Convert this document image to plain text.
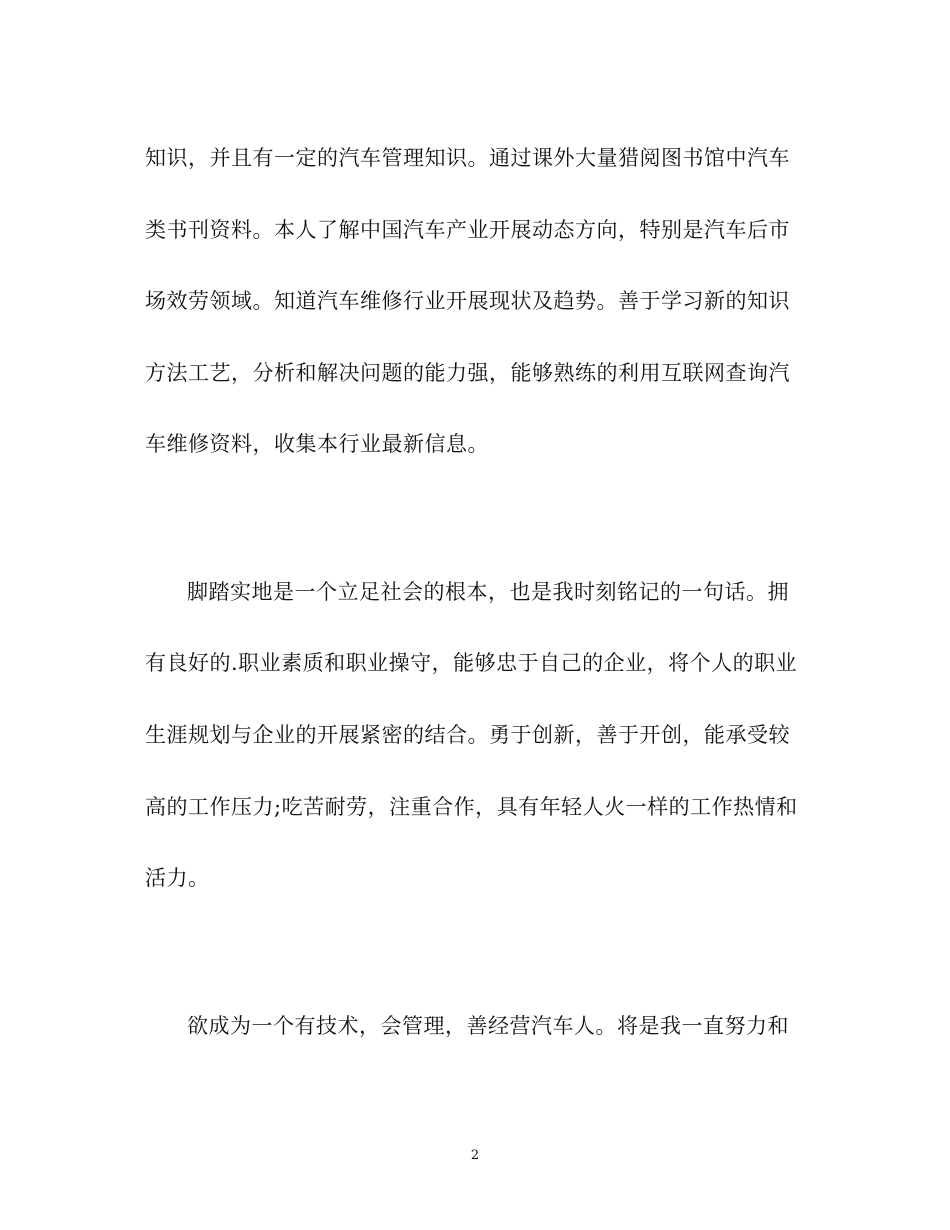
知识，并且有一定的汽车管理知识。通过课外大量猎阅图书馆中汽车
类书刊资料。本人了解中国汽车产业开展动态方向，特别是汽车后市
场效劳领域。知道汽车维修行业开展现状及趋势。善于学习新的知识
方法工艺，分析和解决问题的能力强，能够熟练的利用互联网查询汽
车维修资料，收集本行业最新信息。
脚踏实地是一个立足社会的根本，也是我时刻铭记的一句话。拥
有良好的.职业素质和职业操守，能够忠于自己的企业，将个人的职业
生涯规划与企业的开展紧密的结合。勇于创新，善于开创，能承受较
高的工作压力;吃苦耐劳，注重合作，具有年轻人火一样的工作热情和
活力。
欲成为一个有技术，会管理，善经营汽车人。将是我一直努力和
2
